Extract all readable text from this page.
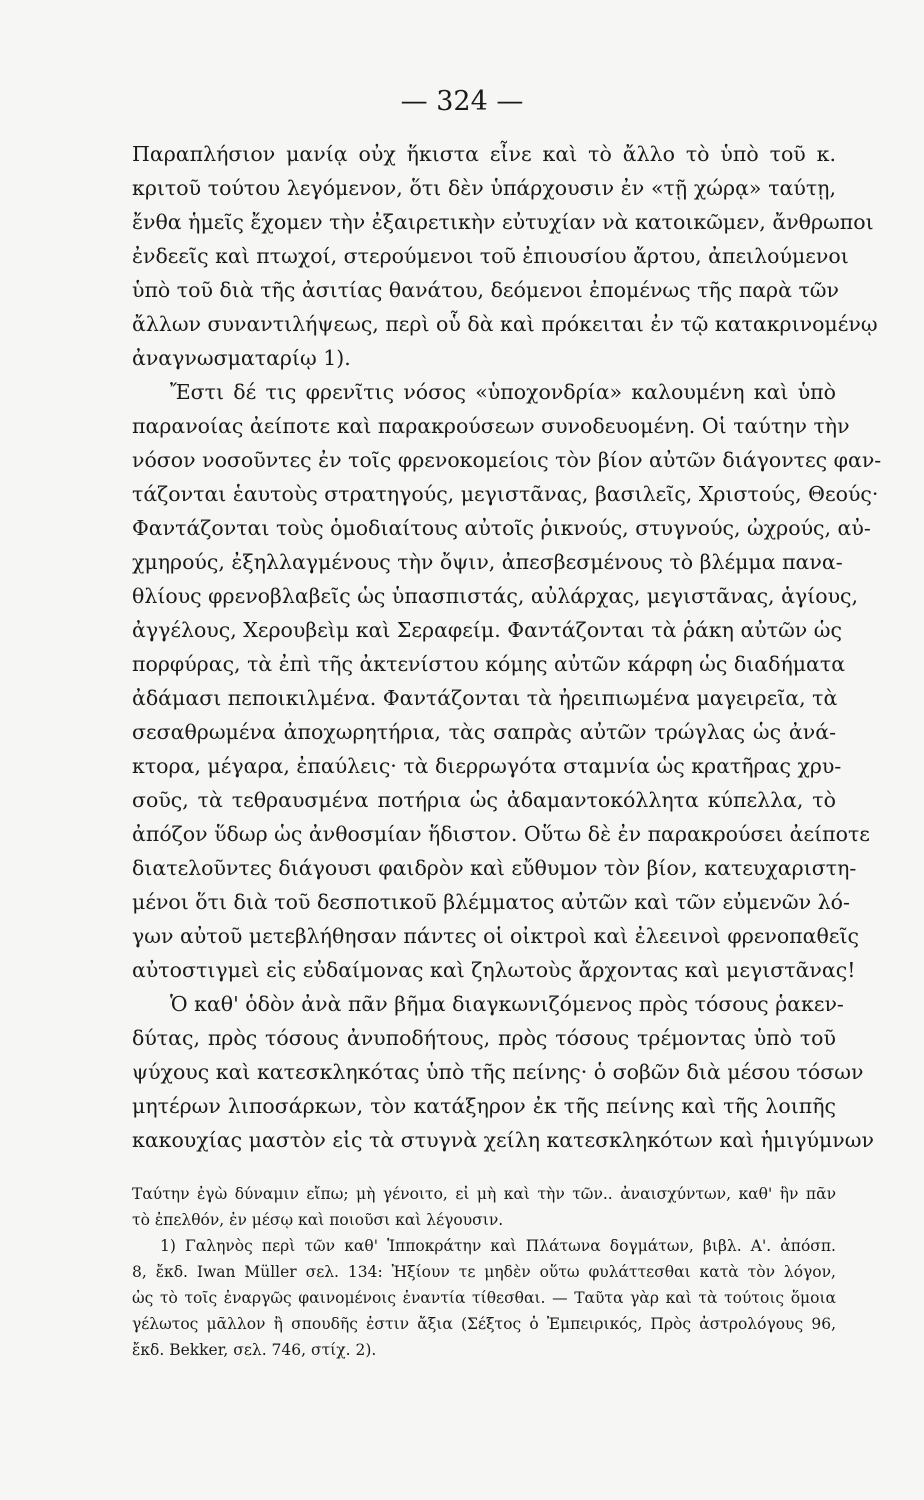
— 324 —
Παραπλήσιον μανίᾳ οὐχ ἥκιστα εἶνε καὶ τὸ ἄλλο τὸ ὑπὸ τοῦ κ.
κριτοῦ τούτου λεγόμενον, ὅτι δὲν ὑπάρχουσιν ἐν «τῇ χώρᾳ» ταύτῃ,
ἔνθα ἡμεῖς ἔχομεν τὴν ἐξαιρετικὴν εὐτυχίαν νὰ κατοικῶμεν, ἄνθρωποι
ἐνδεεῖς καὶ πτωχοί, στερούμενοι τοῦ ἐπιουσίου ἄρτου, ἀπειλούμενοι
ὑπὸ τοῦ διὰ τῆς ἀσιτίας θανάτου, δεόμενοι ἐπομένως τῆς παρὰ τῶν
ἄλλων συναντιλήψεως, περὶ οὗ δὰ καὶ πρόκειται ἐν τῷ κατακρινομένῳ
ἀναγνωσματαρίῳ 1).
Ἔστι δέ τις φρενῖτις νόσος «ὑποχονδρία» καλουμένη καὶ ὑπὸ
παρανοίας ἀείποτε καὶ παρακρούσεων συνοδευομένη. Οἱ ταύτην τὴν
νόσον νοσοῦντες ἐν τοῖς φρενοκομείοις τὸν βίον αὐτῶν διάγοντες φαν-
τάζονται ἑαυτοὺς στρατηγούς, μεγιστᾶνας, βασιλεῖς, Χριστούς, Θεούς·
Φαντάζονται τοὺς ὁμοδιαίτους αὐτοῖς ῥικνούς, στυγνούς, ὠχρούς, αὐ-
χμηρούς, ἐξηλλαγμένους τὴν ὄψιν, ἀπεσβεσμένους τὸ βλέμμα πανα-
θλίους φρενοβλαβεῖς ὡς ὑπασπιστάς, αὐλάρχας, μεγιστᾶνας, ἁγίους,
ἀγγέλους, Χερουβεὶμ καὶ Σεραφείμ. Φαντάζονται τὰ ῥάκη αὐτῶν ὡς
πορφύρας, τὰ ἐπὶ τῆς ἀκτενίστου κόμης αὐτῶν κάρφη ὡς διαδήματα
ἀδάμασι πεποικιλμένα. Φαντάζονται τὰ ἠρειπιωμένα μαγειρεῖα, τὰ
σεσαθρωμένα ἀποχωρητήρια, τὰς σαπρὰς αὐτῶν τρώγλας ὡς ἀνά-
κτορα, μέγαρα, ἐπαύλεις· τὰ διερρωγότα σταμνία ὡς κρατῆρας χρυ-
σοῦς, τὰ τεθραυσμένα ποτήρια ὡς ἀδαμαντοκόλλητα κύπελλα, τὸ
ἀπόζον ὕδωρ ὡς ἀνθοσμίαν ἥδιστον. Οὕτω δὲ ἐν παρακρούσει ἀείποτε
διατελοῦντες διάγουσι φαιδρὸν καὶ εὔθυμον τὸν βίον, κατευχαριστη-
μένοι ὅτι διὰ τοῦ δεσποτικοῦ βλέμματος αὐτῶν καὶ τῶν εὐμενῶν λό-
γων αὐτοῦ μετεβλήθησαν πάντες οἱ οἰκτροὶ καὶ ἐλεεινοὶ φρενοπαθεῖς
αὐτοστιγμεὶ εἰς εὐδαίμονας καὶ ζηλωτοὺς ἄρχοντας καὶ μεγιστᾶνας!
Ὁ καθ' ὁδὸν ἀνὰ πᾶν βῆμα διαγκωνιζόμενος πρὸς τόσους ῥακεν-
δύτας, πρὸς τόσους ἀνυποδήτους, πρὸς τόσους τρέμοντας ὑπὸ τοῦ
ψύχους καὶ κατεσκληκότας ὑπὸ τῆς πείνης· ὁ σοβῶν διὰ μέσου τόσων
μητέρων λιποσάρκων, τὸν κατάξηρον ἐκ τῆς πείνης καὶ τῆς λοιπῆς
κακουχίας μαστὸν εἰς τὰ στυγνὰ χείλη κατεσκληκότων καὶ ἡμιγύμνων
Ταύτην ἐγὼ δύναμιν εἴπω; μὴ γένοιτο, εἰ μὴ καὶ τὴν τῶν.. ἀναισχύντων, καθ' ἣν πᾶν
τὸ ἐπελθόν, ἐν μέσῳ καὶ ποιοῦσι καὶ λέγουσιν.
1) Γαληνὸς περὶ τῶν καθ' Ἱπποκράτην καὶ Πλάτωνα δογμάτων, βιβλ. Α'. ἀπόσπ.
8, ἔκδ. Iwan Müller σελ. 134: Ἠξίουν τε μηδὲν οὕτω φυλάττεσθαι κατὰ τὸν λόγον,
ὡς τὸ τοῖς ἐναργῶς φαινομένοις ἐναντία τίθεσθαι. — Ταῦτα γὰρ καὶ τὰ τούτοις ὅμοια
γέλωτος μᾶλλον ἢ σπουδῆς ἐστιν ἄξια (Σέξτος ὁ Ἐμπειρικός, Πρὸς ἀστρολόγους 96,
ἔκδ. Bekker, σελ. 746, στίχ. 2).
